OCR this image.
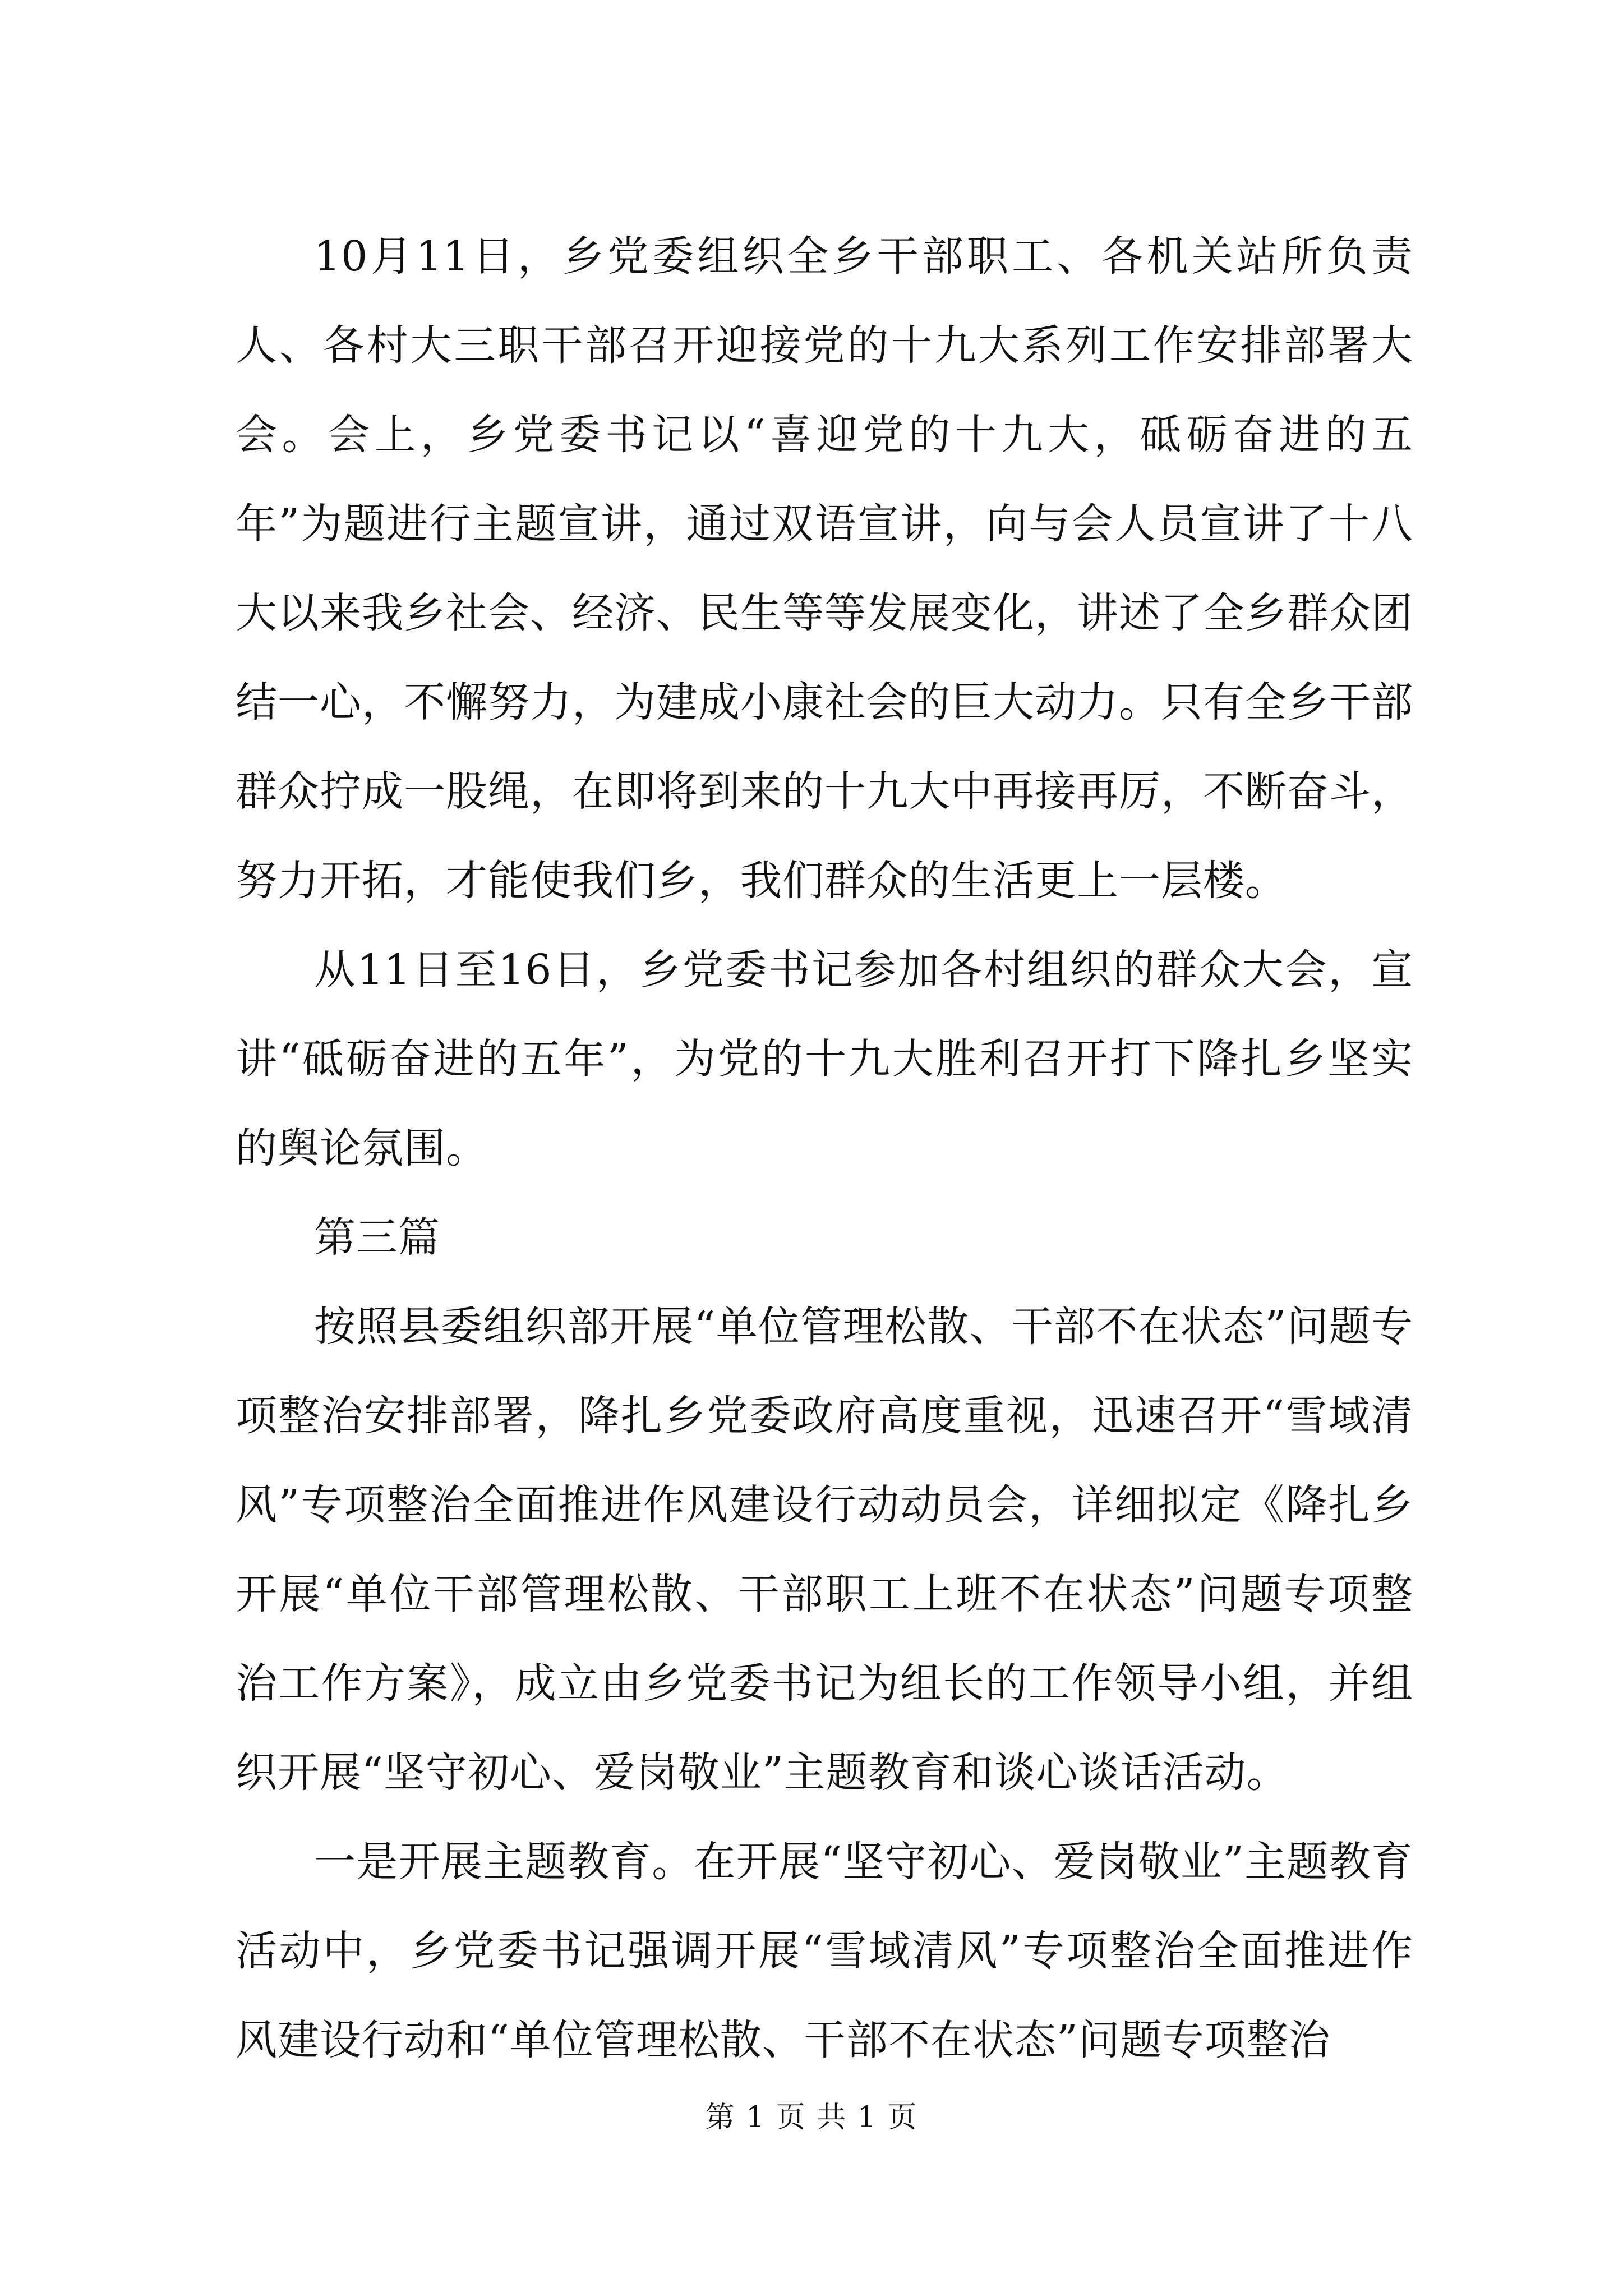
10月11日，乡党委组织全乡干部职工、各机关站所负责人、各村大三职干部召开迎接党的十九大系列工作安排部署大会。会上，乡党委书记以“喜迎党的十九大，砥砺奋进的五年”为题进行主题宣讲，通过双语宣讲，向与会人员宣讲了十八大以来我乡社会、经济、民生等等发展变化，讲述了全乡群众团结一心，不懈努力，为建成小康社会的巨大动力。只有全乡干部群众拧成一股绳，在即将到来的十九大中再接再厉，不断奋斗，努力开拓，才能使我们乡，我们群众的生活更上一层楼。

从11日至16日，乡党委书记参加各村组织的群众大会，宣讲“砥砺奋进的五年”，为党的十九大胜利召开打下降扎乡坚实的舆论氛围。

第三篇

按照县委组织部开展“单位管理松散、干部不在状态”问题专项整治安排部署，降扎乡党委政府高度重视，迅速召开“雪域清风”专项整治全面推进作风建设行动动员会，详细拟定《降扎乡开展“单位干部管理松散、干部职工上班不在状态”问题专项整治工作方案》，成立由乡党委书记为组长的工作领导小组，并组织开展“坚守初心、爱岗敬业”主题教育和谈心谈话活动。

一是开展主题教育。在开展“坚守初心、爱岗敬业”主题教育活动中，乡党委书记强调开展“雪域清风”专项整治全面推进作风建设行动和“单位管理松散、干部不在状态”问题专项整治

第 1 页 共 1 页
